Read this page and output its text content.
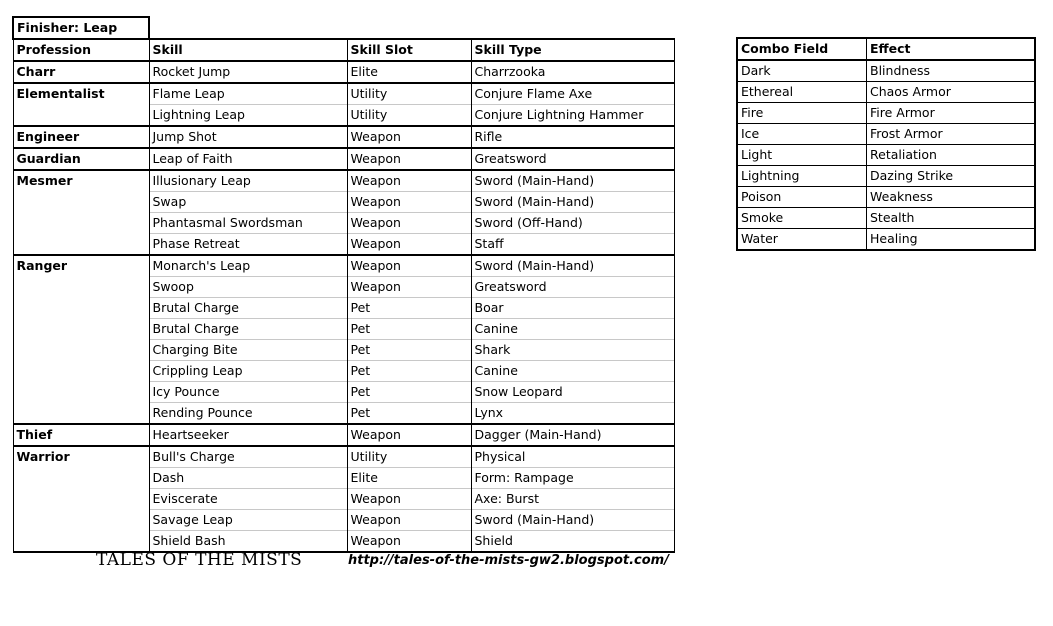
Finisher: Leap			
Profession	Skill	Skill Slot	Skill Type
Charr	Rocket Jump	Elite	Charrzooka
Elementalist	Flame Leap	Utility	Conjure Flame Axe
	Lightning Leap	Utility	Conjure Lightning Hammer
Engineer	Jump Shot	Weapon	Rifle
Guardian	Leap of Faith	Weapon	Greatsword
Mesmer	Illusionary Leap	Weapon	Sword (Main-Hand)
	Swap	Weapon	Sword (Main-Hand)
	Phantasmal Swordsman	Weapon	Sword (Off-Hand)
	Phase Retreat	Weapon	Staff
Ranger	Monarch's Leap	Weapon	Sword (Main-Hand)
	Swoop	Weapon	Greatsword
	Brutal Charge	Pet	Boar
	Brutal Charge	Pet	Canine
	Charging Bite	Pet	Shark
	Crippling Leap	Pet	Canine
	Icy Pounce	Pet	Snow Leopard
	Rending Pounce	Pet	Lynx
Thief	Heartseeker	Weapon	Dagger (Main-Hand)
Warrior	Bull's Charge	Utility	Physical
	Dash	Elite	Form: Rampage
	Eviscerate	Weapon	Axe: Burst
	Savage Leap	Weapon	Sword (Main-Hand)
	Shield Bash	Weapon	Shield
Combo Field	Effect
Dark	Blindness
Ethereal	Chaos Armor
Fire	Fire Armor
Ice	Frost Armor
Light	Retaliation
Lightning	Dazing Strike
Poison	Weakness
Smoke	Stealth
Water	Healing
TALES OF THE MISTS	http://tales-of-the-mists-gw2.blogspot.com/
